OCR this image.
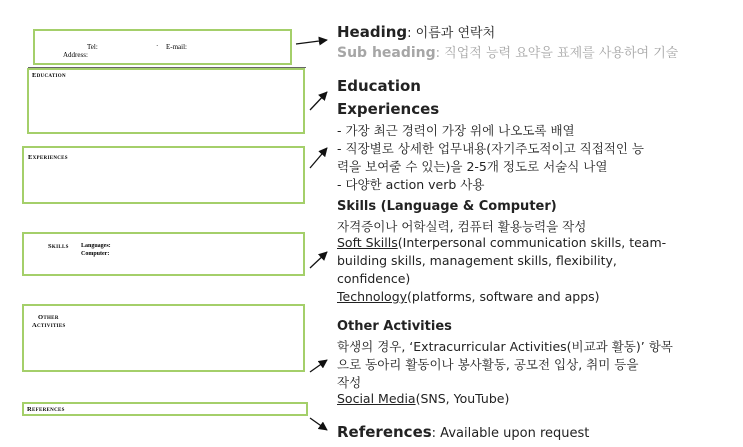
Tel:	· E-mail:
Address:
Education
Experiences
Skills Languages:
Computer:
Other
Activities
References
Heading: 이름과 연락처
Sub heading: 직업적 능력 요약을 표제를 사용하여 기술
Education
Experiences
- 가장 최근 경력이 가장 위에 나오도록 배열
- 직장별로 상세한 업무내용(자기주도적이고 직접적인 능
력을 보여줄 수 있는)을 2-5개 정도로 서술식 나열
- 다양한 action verb 사용
Skills (Language & Computer)
자격증이나 어학실력, 컴퓨터 활용능력을 작성
Soft Skills(Interpersonal communication skills, team-
building skills, management skills, flexibility,
confidence)
Technology(platforms, software and apps)
Other Activities
학생의 경우, ‘Extracurricular Activities(비교과 활동)’ 항목
으로 동아리 활동이나 봉사활동, 공모전 입상, 취미 등을
작성
Social Media(SNS, YouTube)
References: Available upon request
